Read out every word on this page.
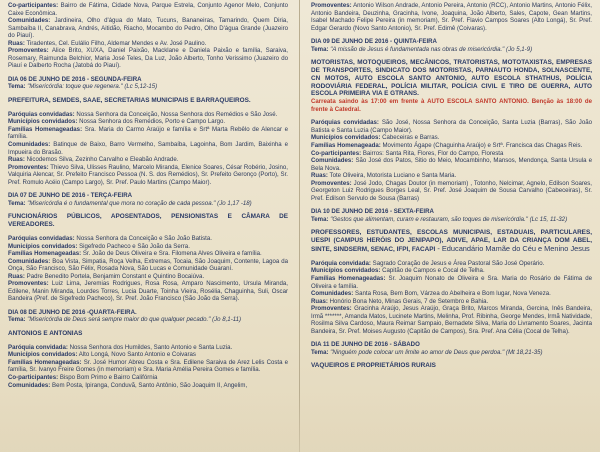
Co-participantes: Bairro de Fátima, Cidade Nova, Parque Estrela, Conjunto Agenor Melo, Conjunto Caixe Econômica.

Comunidades: Jardineira, Olho d'água do Mato, Tucuns, Bananeiras, Tamarindo, Quem Diria, Sambaíba II, Canabrava, Andrés, Aitidão, Riacho, Mocambo do Pedro, Olho D'água Grande (Juazeiro do Piauí).

Ruas: Tiradentes, Cel. Eulálio Filho, Aldemar Mendes e Av. José Paulino.

Promoventes: Alice Brito, XUXA, Daniel Paixão, Macklane e Daniela Paixão e família, Saraiva, Rosemary, Raimunda Belchior, Maria José Teles, Da Luz, João Alberto, Tonho Verissimo (Juazeiro do Piauí e Dalberto Rocha (Jatobá do Piauí).

DIA 06 DE JUNHO DE 2016 - SEGUNDA-FEIRA

Tema: "Misericórdia: toque que regenera." (Lc 5,12-15)

PREFEITURA, SEMDES, SAAE, SECRETARIAS MUNICIPAIS E BARRAQUEIROS.

Paróquias convidadas: Nossa Senhora da Conceição, Nossa Senhora dos Remédios e São José.

Municípios convidados: Nossa Senhora dos Remédios, Porto e Campo Largo.

Famílias Homenageadas: Sra. Maria do Carmo Araújo e família e Srtª Marta Rebêlo de Alencar e família.

Comunidades: Batinque de Baixo, Barro Vermelho, Sambaíba, Lagoinha, Bom Jardim, Baixinha e Impueira do Brasão.

Ruas: Nicodemos Silva, Zezinho Carvalho e Eleabão Andrade.

Promoventes: Thievo Silva, Ulisses Raulino, Marcelo Miranda, Elenice Soares, César Robério, Josino, Valquiria Alencar, Sr. Prefeito Francisco Pessoa (N. S. dos Remédios), Sr. Prefeito Geronço (Porto), Sr. Pref. Romulo Acéio (Campo Largo), Sr. Pref. Paulo Martins (Campo Maior).

DIA 07 DE JUNHO DE 2016 - TERÇA-FEIRA

Tema: "Misericórdia é o fundamental que mora no coração de cada pessoa." (Jo 1,17 -18)

FUNCIONÁRIOS PÚBLICOS, APOSENTADOS, PENSIONISTAS E CÂMARA DE VEREADORES.

Paróquias convidadas: Nossa Senhora da Conceição e São João Batista.

Municípios convidados: Sigefredo Pacheco e São João da Serra.

Famílias Homenageadas: Sr. João de Deus Oliveira e Sra. Filomena Alves Oliveira e família.

Comunidades: Boa Vista, Simpatia, Roça Velha, Extremas, Tocaia, São Joaquim, Contente, Lagoa da Onça, São Francisco, São Félix, Rosada Nova, São Lucas e Comunidade Guaraní.

Ruas: Padre Benedito Portela, Benjamim Constant e Quintino Bocaiúva.

Promoventes: Luiz Lima, Jeremias Rodrigues, Rosa Rosa, Amparo Nascimento, Ursula Miranda, Edilene, Manin Miranda, Lourdes Torres, Lucia Duarte, Toinha Vieira, Rosélia, Chaguinha, Suli, Oscar Bandeira (Pref. de Sigefredo Pacheco), Sr. Pref. João Francisco (São João da Serra).

DIA 08 DE JUNHO DE 2016 -QUARTA-FEIRA.

Tema: "Misericórdia de Deus será sempre maior do que qualquer pecado." (Jo 8,1-11)

ANTONIOS E ANTONIAS

Paróquia convidada: Nossa Senhora dos Humildes, Santo Antonio e Santa Luzia.

Municípios convidados: Alto Longá, Novo Santo Antonio e Coivaras

Famílias Homenageadas: Sr. José Humor Abreu Costa e Sra. Edilene Saraiva de Arez Lelis Costa e família, Sr. Ivanyo Freire Gomes (in memoriam) e Sra. Maria Amélia Pereira Gomes e família.

Co-participantes: Bispo Bom Primo e Bairro Califórnia

Comunidades: Bem Posta, Ipiranga, Conduvã, Santo Antônio, São Joaquim II, Angelim,

Promoventes: Antonio Wilson Andrade, Antonio Pereira, Antonio (RCC), Antonio Martins, Antonio Félix, Antonio Bandeira, Deuzinha, Gracinha, Ivone, Joaquina, João Alberto, Sales, Capote, Gean Martins, Isabel Machado Felipe Pereira (in memoriam), Sr. Pref. Flavio Campos Soares (Alto Longá), Sr. Pref. Edgar Gerardo (Novo Santo Antonio), Sr. Pref. Edimê (Coivaras).

DIA 09 DE JUNHO DE 2016 - QUINTA-FEIRA

Tema: "A missão de Jesus é fundamentada nas obras de misericórdia." (Jo 5,1-9)

MOTORISTAS, MOTOQUEIROS, MECÂNICOS, TRATORISTAS, MOTOTAXISTAS, EMPRESAS DE TRANSPORTES, SINDICATO DOS MOTORISTAS, PARNAUTO HONDA, SOLNASCENTE, CN MOTOS, AUTO ESCOLA SANTO ANTONIO, AUTO ESCOLA STHATHUS, POLÍCIA RODOVIÁRIA FEDERAL, POLÍCIA MILITAR, POLÍCIA CIVIL E TIRO DE GUERRA, AUTO ESCOLA PRIMEIRA VIA E GTRANS.

Carreata saindo às 17:00 em frente à AUTO ESCOLA SANTO ANTONIO. Benção às 18:00 de frente à Catedral.

Paróquias convidadas: São José, Nossa Senhora da Conceição, Santa Luzia (Barras), São João Batista e Santa Luzia (Campo Maior).

Municípios convidados: Cabeceiras e Barras.

Famílias Homenageada: Movimento Ágape (Chaguinha Araújo) e Srtª. Francisca das Chagas Reis.

Co-participantes: Bairros: Santa Rita, Flores, Flor do Campo, Floresta

Comunidades: São José dos Patos, Sitio do Meio, Mocambinho, Mansos, Mendonça, Santa Ursula e Bela Nova.

Ruas: Tote Oliveira, Motorista Luciano e Santa Maria.

Promoventes: José Jodo, Chagas Doutor (in memoriam) , Totonho, Nelcimar, Agnelo, Edilson Soares, Georgeton Luiz Rodrigues Borges Leal, Sr. Pref. José Joaquim de Sousa Carvalho (Cabeceiras), Sr. Pref. Edilson Servulo de Sousa (Barras)

DIA 10 DE JUNHO DE 2016 - SEXTA-FEIRA

Tema: "Gestos que alimentam, curam e restauram, são toques de misericórdia." (Lc 15, 11-32)

PROFESSORES, ESTUDANTES, ESCOLAS MUNICIPAIS, ESTADUAIS, PARTICULARES, UESPI (CAMPUS HERÓIS DO JENIPAPO), ADIVE, APAE, LAR DA CRIANÇA DOM ABEL, SINTE, SINDSERM, SENAC, IFPI, FACAPI - Educandário Mamãe do Céu e Menino Jesus

Paróquia convidada: Sagrado Coração de Jesus e Área Pastoral São José Operário.

Municípios convidados: Capitão de Campos e Cocal de Telha.

Famílias Homenageadas: Sr. Joaquim Nonato de Oliveira e Sra. Maria do Rosário de Fátima de Oliveira e família.

Comunidades: Santa Rosa, Bem Bom, Várzea do Abelheira e Bom lugar, Nova Veneza.

Ruas: Honório Bona Neto, Minas Gerais, 7 de Setembro e Bahia.

Promoventes: Gracinha Araújo, Jesus Araújo, Graça Brito, Marcos Miranda, Gercina, Inês Bandeira, Irmã *******, Amanda Matos, Lucinete Martins, Melinha, Prof. Ribinha, George Mendes, Irmã Natividade, Rosilma Silva Cardoso, Maura Reimar Sampaio, Bernadete Silva, Maria do Livramento Soares, Jacinta Bandeira, Sr. Pref. Moises Augusto (Capitão de Campos), Sra. Pref. Ana Célia (Cocal de Telha).

DIA 11 DE JUNHO DE 2016 - SÁBADO

Tema: "Ninguém pode colocar um limite ao amor de Deus que perdoa." (Mt 18,21-35)

VAQUEIROS E PROPRIETÁRIOS RURAIS
